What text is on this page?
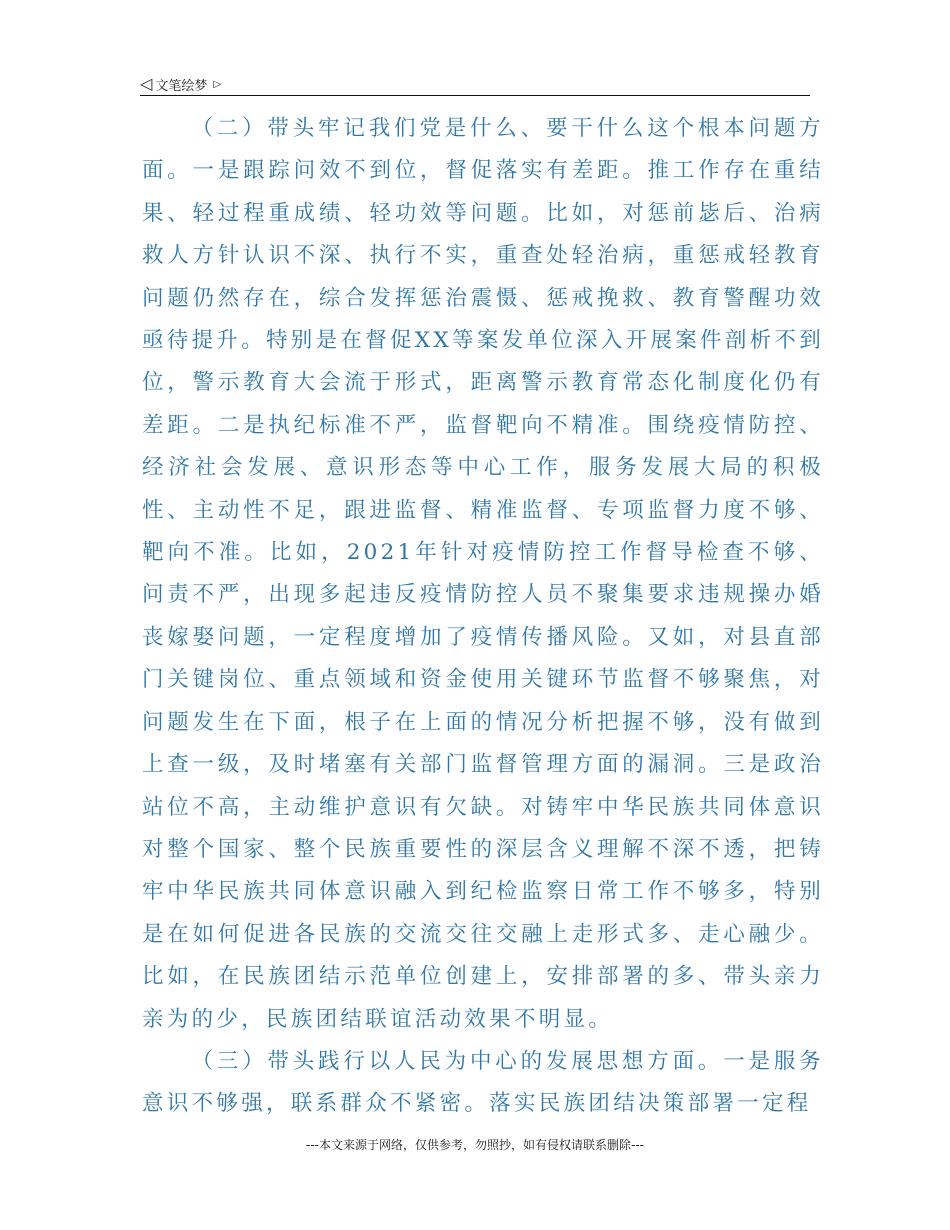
◁ 文笔绘梦 ▷

（二）带头牢记我们党是什么、要干什么这个根本问题方面。一是跟踪问效不到位，督促落实有差距。推工作存在重结果、轻过程重成绩、轻功效等问题。比如，对惩前毖后、治病救人方针认识不深、执行不实，重查处轻治病，重惩戒轻教育问题仍然存在，综合发挥惩治震慑、惩戒挽救、教育警醒功效亟待提升。特别是在督促XX等案发单位深入开展案件剖析不到位，警示教育大会流于形式，距离警示教育常态化制度化仍有差距。二是执纪标准不严，监督靶向不精准。围绕疫情防控、经济社会发展、意识形态等中心工作，服务发展大局的积极性、主动性不足，跟进监督、精准监督、专项监督力度不够、靶向不准。比如，2021年针对疫情防控工作督导检查不够、问责不严，出现多起违反疫情防控人员不聚集要求违规操办婚丧嫁娶问题，一定程度增加了疫情传播风险。又如，对县直部门关键岗位、重点领域和资金使用关键环节监督不够聚焦，对问题发生在下面，根子在上面的情况分析把握不够，没有做到上查一级，及时堵塞有关部门监督管理方面的漏洞。三是政治站位不高，主动维护意识有欠缺。对铸牢中华民族共同体意识对整个国家、整个民族重要性的深层含义理解不深不透，把铸牢中华民族共同体意识融入到纪检监察日常工作不够多，特别是在如何促进各民族的交流交往交融上走形式多、走心融少。比如，在民族团结示范单位创建上，安排部署的多、带头亲力亲为的少，民族团结联谊活动效果不明显。

（三）带头践行以人民为中心的发展思想方面。一是服务意识不够强，联系群众不紧密。落实民族团结决策部署一定程

---本文来源于网络，仅供参考，勿照抄，如有侵权请联系删除---
